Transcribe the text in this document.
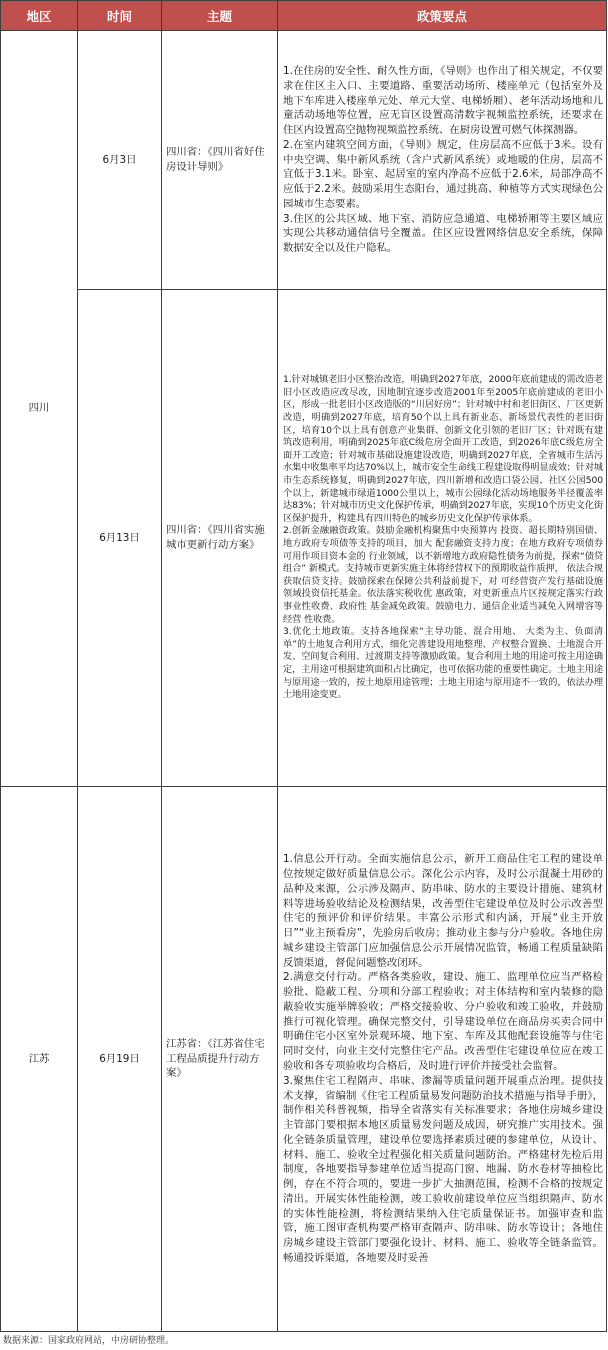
地区	时间	主题	政策要点
四川	6月3日	四川省：《四川省好住房设计导则》	1.在住房的安全性、耐久性方面，《导则》也作出了相关规定，不仅要求在住区主入口、主要道路、重要活动场所、楼座单元（包括室外及地下车库进入楼座单元处、单元大堂、电梯轿厢）、老年活动场地和儿童活动场地等位置，应无盲区设置高清数字视频监控系统，还要求在住区内设置高空抛物视频监控系统、在厨房设置可燃气体探测器。

2.在室内建筑空间方面，《导则》规定，住房层高不应低于3米。设有中央空调、集中新风系统（含户式新风系统）或地暖的住房，层高不宜低于3.1米。卧室、起居室的室内净高不应低于2.6米，局部净高不应低于2.2米。鼓励采用生态阳台，通过挑高、种植等方式实现绿色公园城市生态要素。

3.住区的公共区域、地下室、消防应急通道、电梯轿厢等主要区域应实现公共移动通信信号全覆盖。住区应设置网络信息安全系统，保障数据安全以及住户隐私。

	6月13日	四川省：《四川省实施城市更新行动方案》	1.针对城镇老旧小区整治改造，明确到2027年底，2000年底前建成的需改造老旧小区改造应改尽改，因地制宜逐步改造2001年至2005年底前建成的老旧小区，形成一批老旧小区改造版的“川居好房”；针对城中村和老旧街区、厂区更新改造，明确到2027年底，培育50个以上具有新业态、新场景代表性的老旧街区，培育10个以上具有创意产业集群、创新文化引领的老旧厂区；针对既有建筑改造利用，明确到2025年底C级危房全面开工改造，到2026年底C级危房全面开工改造；针对城市基础设施建设改造，明确到2027年底，全省城市生活污水集中收集率平均达70%以上，城市安全生命线工程建设取得明显成效；针对城市生态系统修复，明确到2027年底，四川新增和改造口袋公园、社区公园500个以上，新建城市绿道1000公里以上，城市公园绿化活动场地服务半径覆盖率达83%；针对城市历史文化保护传承，明确到2027年底，实现10个历史文化街区保护提升，构建具有四川特色的城乡历史文化保护传承体系。

2.创新金融融资政策。鼓励金融机构聚焦中央预算内 投资、超长期特别国债、地方政府专项债等支持的项目，加大 配套融资支持力度；在地方政府专项债券可用作项目资本金的 行业领域，以不新增地方政府隐性债务为前提，探索“债贷组合” 新模式。支持城市更新实施主体将经营权下的预期收益作质押， 依法合规获取信贷支持。鼓励探索在保障公共利益前提下，对 可经营资产发行基础设施领域投资信托基金。依法落实税收优 惠政策，对更新重点片区按规定落实行政事业性收费、政府性 基金减免政策。鼓励电力、通信企业适当减免入网增容等经营 性收费。

3.优化土地政策。支持各地探索“主导功能、混合用地、 大类为主、负面清单”的土地复合利用方式，细化完善建设用地整理、产权整合置换、土地混合开发、空间复合利用、过渡期支持等激励政策。复合利用土地的用途可按主用途确定，主用途可根据建筑面积占比确定，也可依据功能的重要性确定。土地主用途与原用途一致的，按土地原用途管理；土地主用途与原用途不一致的，依法办理土地用途变更。

江苏	6月19日	江苏省：《江苏省住宅工程品质提升行动方案》	1.信息公开行动。全面实施信息公示，新开工商品住宅工程的建设单位按规定做好质量信息公示。深化公示内容，及时公示混凝土用砂的品种及来源，公示涉及隔声、防串味、防水的主要设计措施、建筑材料等进场验收结论及检测结果，改善型住宅建设单位及时公示改善型住宅的预评价和评价结果。丰富公示形式和内涵，开展“业主开放日”“业主预看房”，先验房后收房；推动业主参与分户验收。各地住房城乡建设主管部门应加强信息公示开展情况监管，畅通工程质量缺陷反馈渠道，督促问题整改闭环。

2.满意交付行动。严格各类验收，建设、施工、监理单位应当严格检验批、隐蔽工程、分项和分部工程验收；对主体结构和室内装修的隐蔽验收实施举牌验收；严格交接验收、分户验收和竣工验收，并鼓励推行可视化管理。确保完整交付，引导建设单位在商品房买卖合同中明确住宅小区室外景观环境、地下室、车库及其他配套设施等与住宅同时交付，向业主交付完整住宅产品。改善型住宅建设单位应在竣工验收和各专项验收均合格后，及时进行评价并接受社会监督。

3.聚焦住宅工程隔声、串味、渗漏等质量问题开展重点治理。提供技术支撑，省编制《住宅工程质量易发问题防治技术措施与指导手册》，制作相关科普视频，指导全省落实有关标准要求；各地住房城乡建设主管部门要根据本地区质量易发问题及成因，研究推广实用技术。强化全链条质量管理，建设单位要选择素质过硬的参建单位，从设计、材料、施工、验收全过程强化相关质量问题防治。严格建材先检后用制度，各地要指导参建单位适当提高门窗、地漏、防水卷材等抽检比例，存在不符合项的，要进一步扩大抽测范围，检测不合格的按规定清出。开展实体性能检测，竣工验收前建设单位应当组织隔声、防水的实体性能检测，将检测结果纳入住宅质量保证书。加强审查和监管，施工图审查机构要严格审查隔声、防串味、防水等设计；各地住房城乡建设主管部门要强化设计、材料、施工、验收等全链条监管。畅通投诉渠道，各地要及时妥善

数据来源：国家政府网站，中房研协整理。
